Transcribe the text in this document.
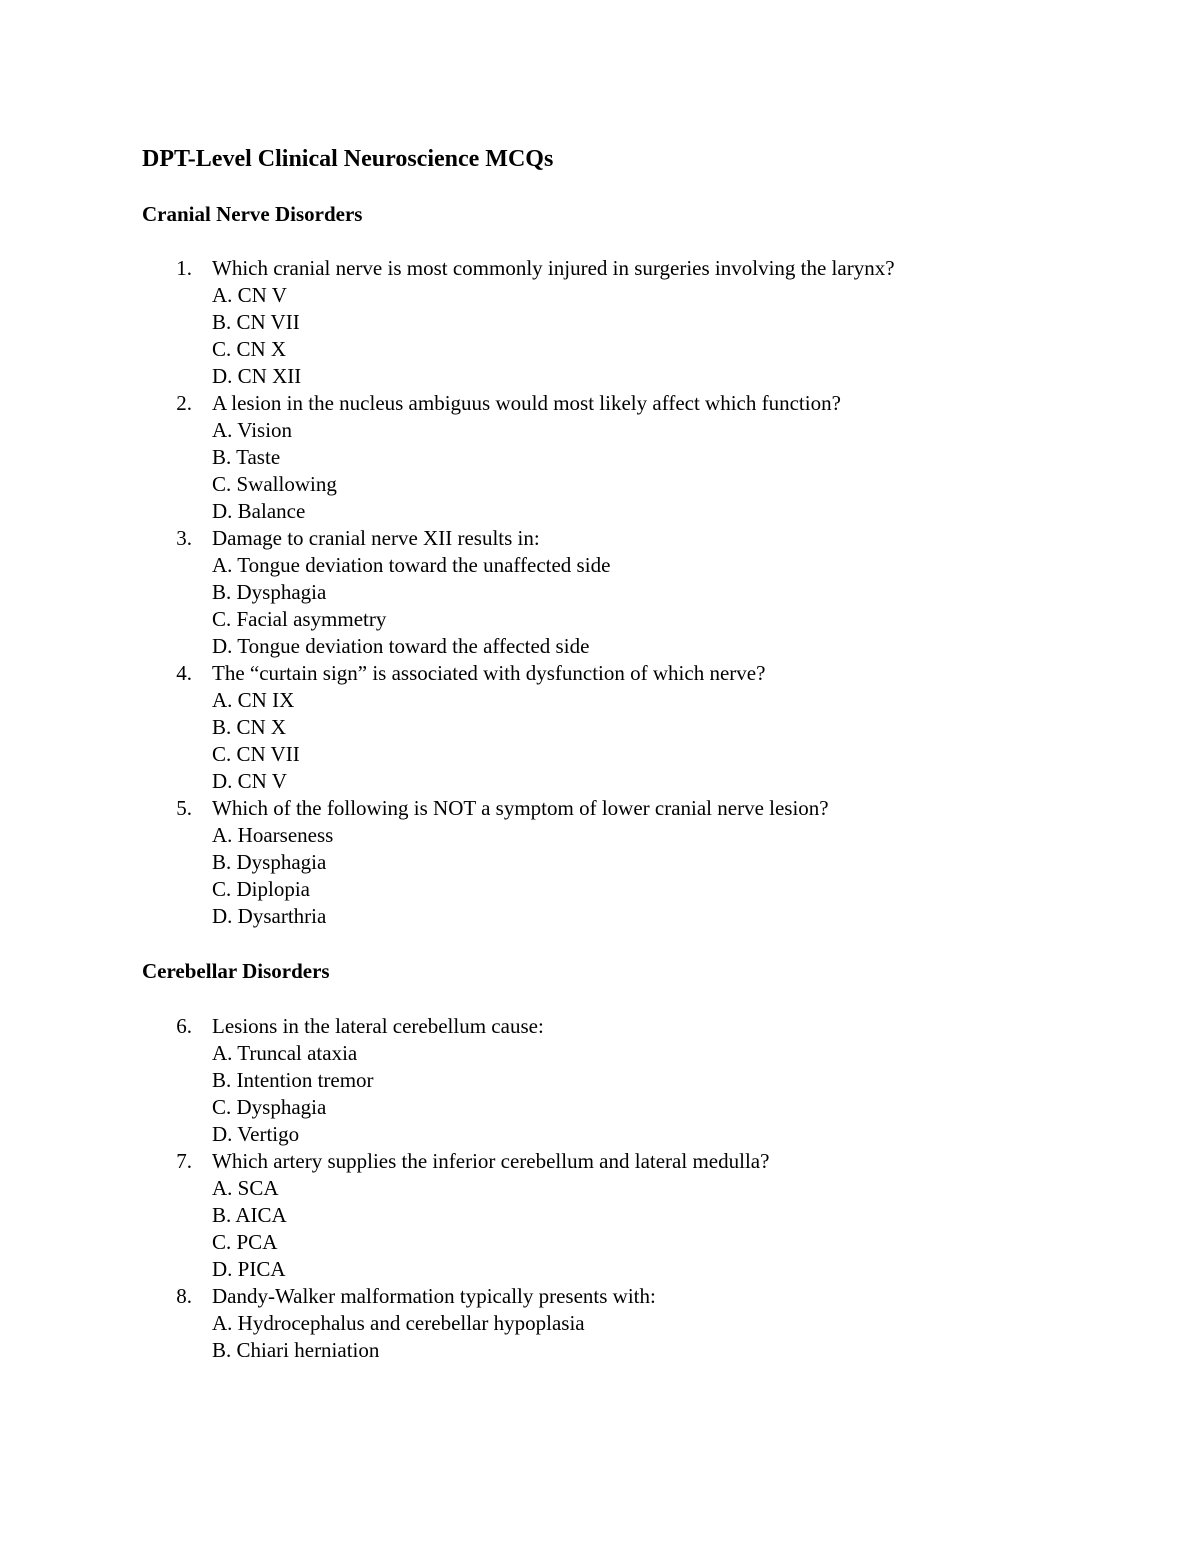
DPT-Level Clinical Neuroscience MCQs
Cranial Nerve Disorders
1. Which cranial nerve is most commonly injured in surgeries involving the larynx?
A. CN V
B. CN VII
C. CN X
D. CN XII
2. A lesion in the nucleus ambiguus would most likely affect which function?
A. Vision
B. Taste
C. Swallowing
D. Balance
3. Damage to cranial nerve XII results in:
A. Tongue deviation toward the unaffected side
B. Dysphagia
C. Facial asymmetry
D. Tongue deviation toward the affected side
4. The “curtain sign” is associated with dysfunction of which nerve?
A. CN IX
B. CN X
C. CN VII
D. CN V
5. Which of the following is NOT a symptom of lower cranial nerve lesion?
A. Hoarseness
B. Dysphagia
C. Diplopia
D. Dysarthria
Cerebellar Disorders
6. Lesions in the lateral cerebellum cause:
A. Truncal ataxia
B. Intention tremor
C. Dysphagia
D. Vertigo
7. Which artery supplies the inferior cerebellum and lateral medulla?
A. SCA
B. AICA
C. PCA
D. PICA
8. Dandy-Walker malformation typically presents with:
A. Hydrocephalus and cerebellar hypoplasia
B. Chiari herniation
